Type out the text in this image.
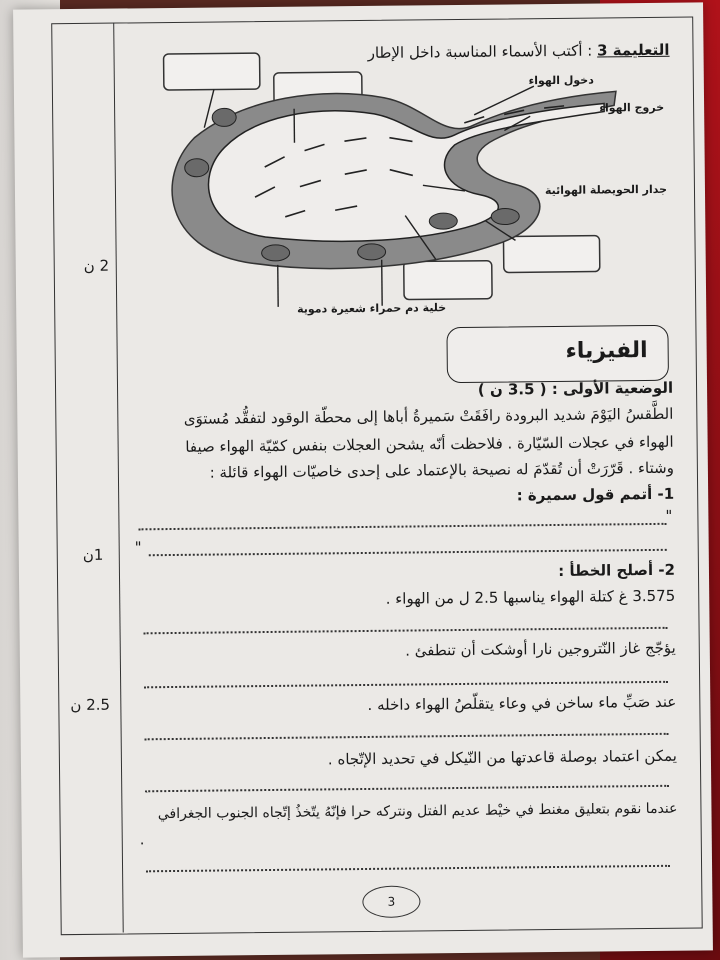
التعليمة 3 : أكتب الأسماء المناسبة داخل الإطار
دخول الهواء
خروج الهواء
جدار الحويصلة الهوائية
خلية دم حمراء شعيرة دموية
2 ن
1ن
2.5 ن
الفيزياء
الوضعية الأولى : ( 3.5 ن )
الطَّقسُ اليَوْمَ شديد البرودة رافَقَتْ سَميرةُ أباها إلى محطّة الوقود لتفقُّد مُستوَى
الهواء في عجلات السّيّارة . فلاحظت أنّه يشحن العجلات بنفس كمّيّة الهواء صيفا
وشتاء . قَرّرَتْ أن تُقدّمَ له نصيحة بالإعتماد على إحدى خاصيّات الهواء قائلة :
1- أتمم قول سميرة :
"
"
2- أصلح الخطأ :
3.575 غ كتلة الهواء يناسبها 2.5 ل من الهواء .
يؤجّج غاز النّتروجين نارا أوشكت أن تنطفئ .
عند صَبِّ ماء ساخن في وعاء يتقلّصُ الهواء داخله .
يمكن اعتماد بوصلة قاعدتها من النّيكل في تحديد الإتّجاه .
عندما نقوم بتعليق مغنط في خيْط عديم الفتل ونتركه حرا فإنّهُ يتّخذُ إتّجاه الجنوب الجغرافي
.
3
